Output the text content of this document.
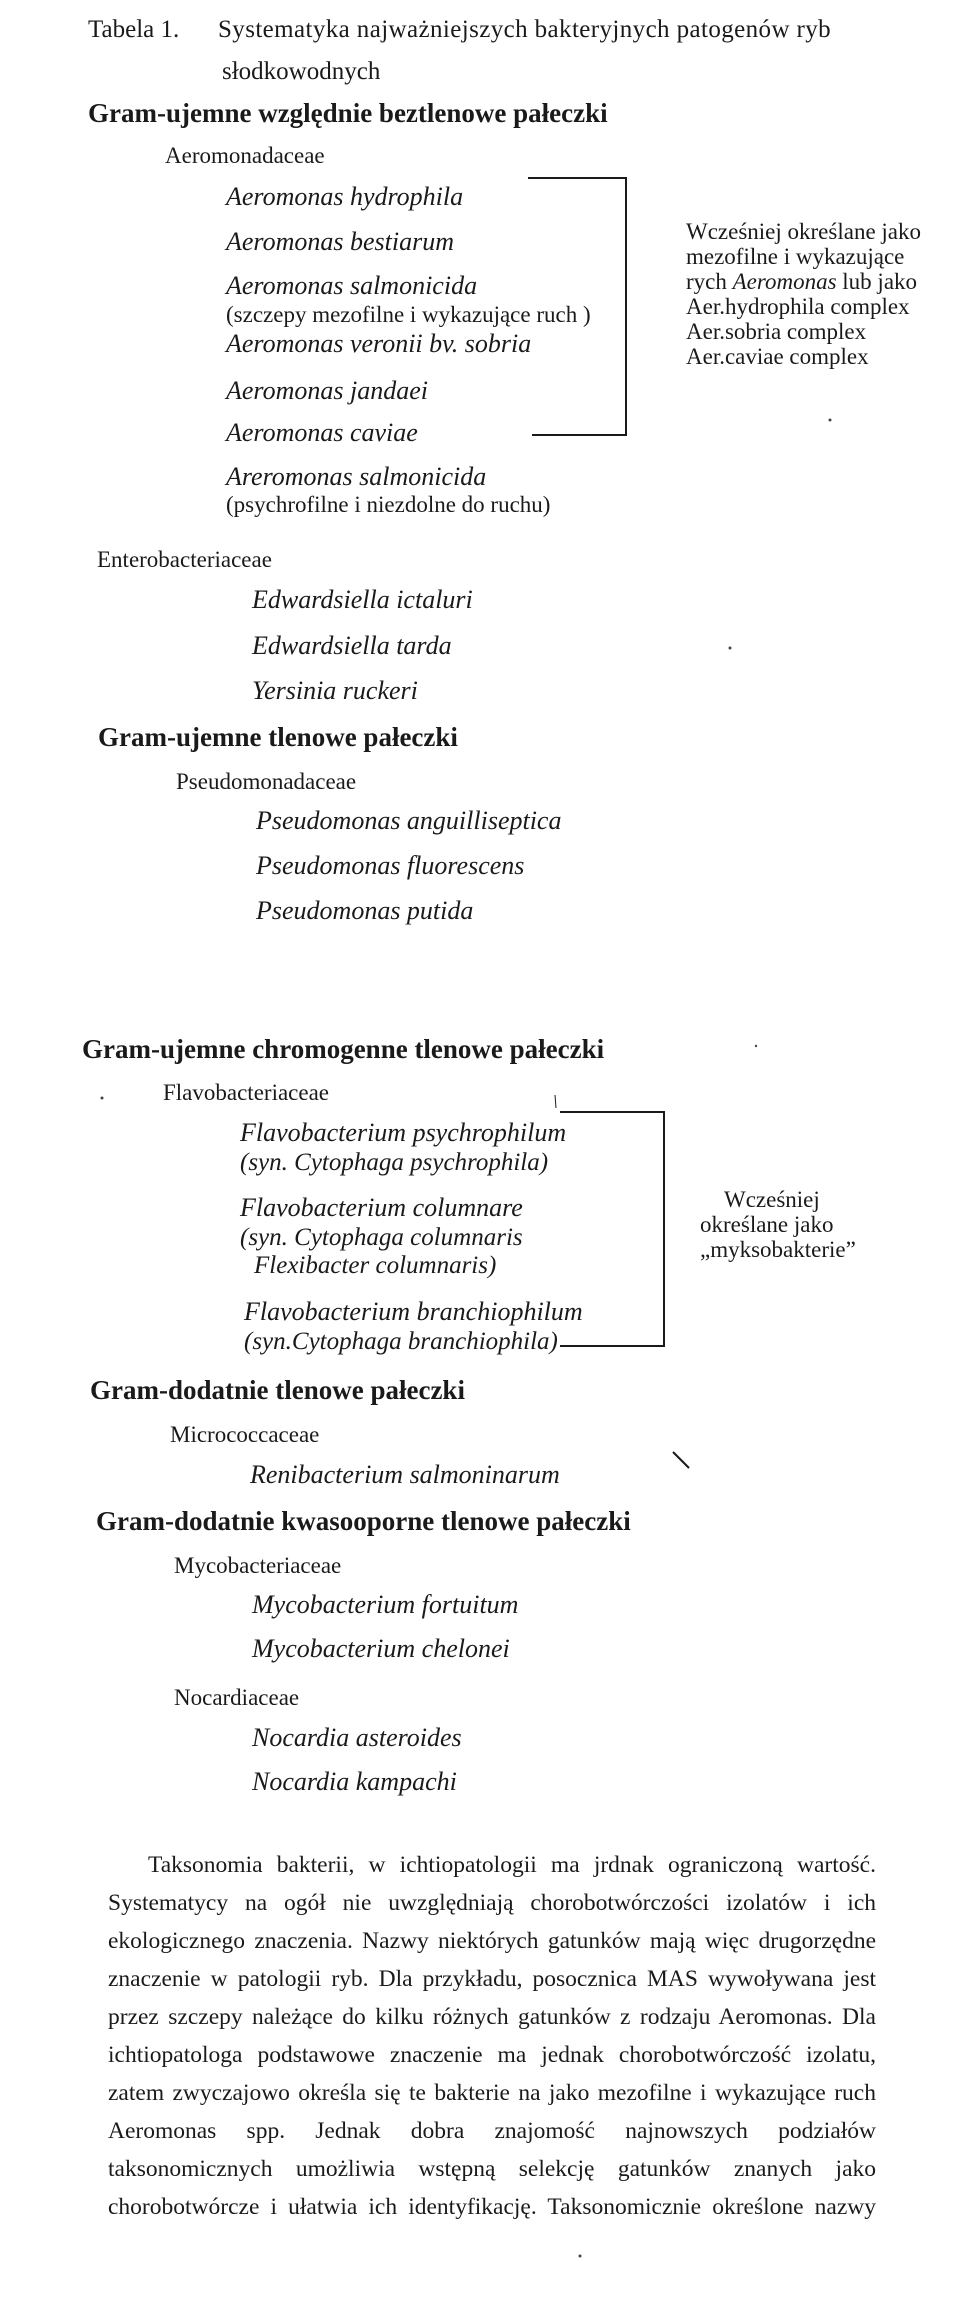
Tabela 1. Systematyka najważniejszych bakteryjnych patogenów ryb
słodkowodnych
Gram-ujemne względnie beztlenowe pałeczki
Aeromonadaceae
Aeromonas hydrophila
Aeromonas bestiarum
Aeromonas salmonicida
(szczepy mezofilne i wykazujące ruch )
Aeromonas veronii bv. sobria
Aeromonas jandaei
Aeromonas caviae
Areromonas salmonicida
(psychrofilne i niezdolne do ruchu)
Wcześniej określane jako
mezofilne i wykazujące
rych Aeromonas lub jako
Aer.hydrophila complex
Aer.sobria complex
Aer.caviae complex
Enterobacteriaceae
Edwardsiella ictaluri
Edwardsiella tarda
Yersinia ruckeri
Gram-ujemne tlenowe pałeczki
Pseudomonadaceae
Pseudomonas anguilliseptica
Pseudomonas fluorescens
Pseudomonas putida
Gram-ujemne chromogenne tlenowe pałeczki
Flavobacteriaceae
Flavobacterium psychrophilum
(syn. Cytophaga psychrophila)
Flavobacterium columnare
(syn. Cytophaga columnaris
Flexibacter columnaris)
Flavobacterium branchiophilum
(syn.Cytophaga branchiophila)
Wcześniej
określane jako
„myksobakterie”
Gram-dodatnie tlenowe pałeczki
Micrococcaceae
Renibacterium salmoninarum
Gram-dodatnie kwasooporne tlenowe pałeczki
Mycobacteriaceae
Mycobacterium fortuitum
Mycobacterium chelonei
Nocardiaceae
Nocardia asteroides
Nocardia kampachi
Taksonomia bakterii, w ichtiopatologii ma jrdnak ograniczoną wartość.
Systematycy na ogół nie uwzględniają chorobotwórczości izolatów i ich
ekologicznego znaczenia. Nazwy niektórych gatunków mają więc drugorzędne
znaczenie w patologii ryb. Dla przykładu, posocznica MAS wywoływana jest
przez szczepy należące do kilku różnych gatunków z rodzaju Aeromonas. Dla
ichtiopatologa podstawowe znaczenie ma jednak chorobotwórczość izolatu,
zatem zwyczajowo określa się te bakterie na jako mezofilne i wykazujące ruch
Aeromonas spp. Jednak dobra znajomość najnowszych podziałów
taksonomicznych umożliwia wstępną selekcję gatunków znanych jako
chorobotwórcze i ułatwia ich identyfikację. Taksonomicznie określone nazwy
